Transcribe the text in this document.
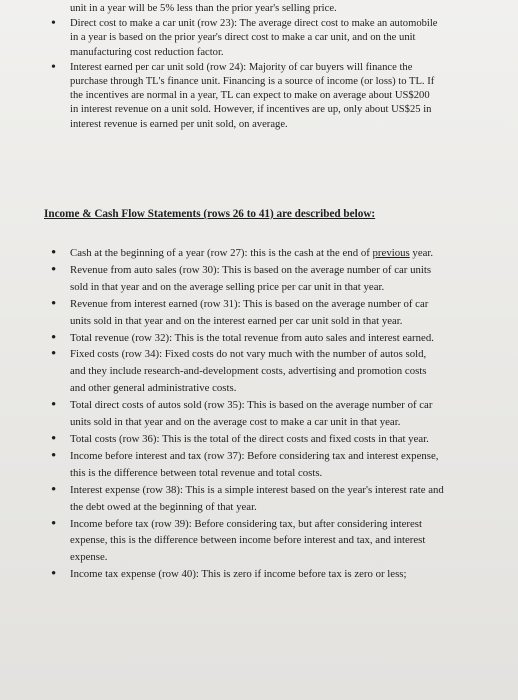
unit in a year will be 5% less than the prior year's selling price.
• Direct cost to make a car unit (row 23): The average direct cost to make an automobile in a year is based on the prior year's direct cost to make a car unit, and on the unit manufacturing cost reduction factor.
• Interest earned per car unit sold (row 24): Majority of car buyers will finance the purchase through TL's finance unit. Financing is a source of income (or loss) to TL. If the incentives are normal in a year, TL can expect to make on average about US$200 in interest revenue on a unit sold. However, if incentives are up, only about US$25 in interest revenue is earned per unit sold, on average.
Income & Cash Flow Statements (rows 26 to 41) are described below:
• Cash at the beginning of a year (row 27): this is the cash at the end of previous year.
• Revenue from auto sales (row 30): This is based on the average number of car units sold in that year and on the average selling price per car unit in that year.
• Revenue from interest earned (row 31): This is based on the average number of car units sold in that year and on the interest earned per car unit sold in that year.
• Total revenue (row 32): This is the total revenue from auto sales and interest earned.
• Fixed costs (row 34): Fixed costs do not vary much with the number of autos sold, and they include research-and-development costs, advertising and promotion costs and other general administrative costs.
• Total direct costs of autos sold (row 35): This is based on the average number of car units sold in that year and on the average cost to make a car unit in that year.
• Total costs (row 36): This is the total of the direct costs and fixed costs in that year.
• Income before interest and tax (row 37): Before considering tax and interest expense, this is the difference between total revenue and total costs.
• Interest expense (row 38): This is a simple interest based on the year's interest rate and the debt owed at the beginning of that year.
• Income before tax (row 39): Before considering tax, but after considering interest expense, this is the difference between income before interest and tax, and interest expense.
• Income tax expense (row 40): This is zero if income before tax is zero or less;
